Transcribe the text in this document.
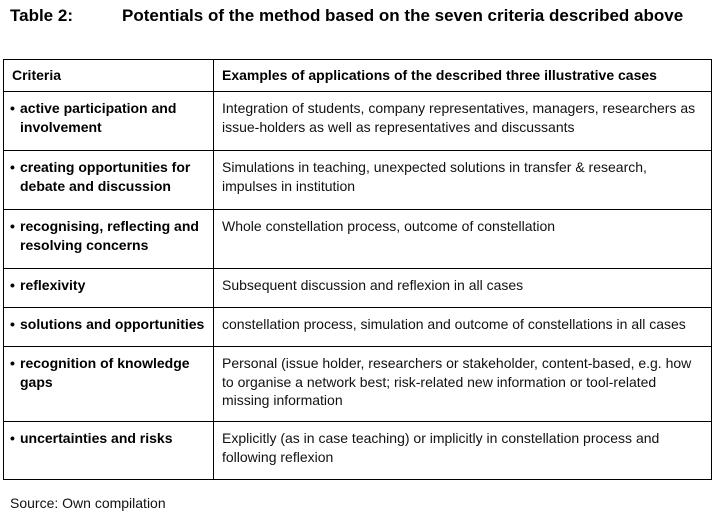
Table 2:	Potentials of the method based on the seven criteria described above
Criteria	Examples of applications of the described three illustrative cases

• active participation and involvement	Integration of students, company representatives, managers, researchers as issue-holders as well as representatives and discussants

• creating opportunities for debate and discussion	Simulations in teaching, unexpected solutions in transfer & research, impulses in institution

• recognising, reflecting and resolving concerns	Whole constellation process, outcome of constellation

• reflexivity	Subsequent discussion and reflexion in all cases

• solutions and opportunities	constellation process, simulation and outcome of constellations in all cases

• recognition of knowledge gaps	Personal (issue holder, researchers or stakeholder, content-based, e.g. how to organise a network best; risk-related new information or tool-related missing information

• uncertainties and risks	Explicitly (as in case teaching) or implicitly in constellation process and following reflexion
Source: Own compilation
